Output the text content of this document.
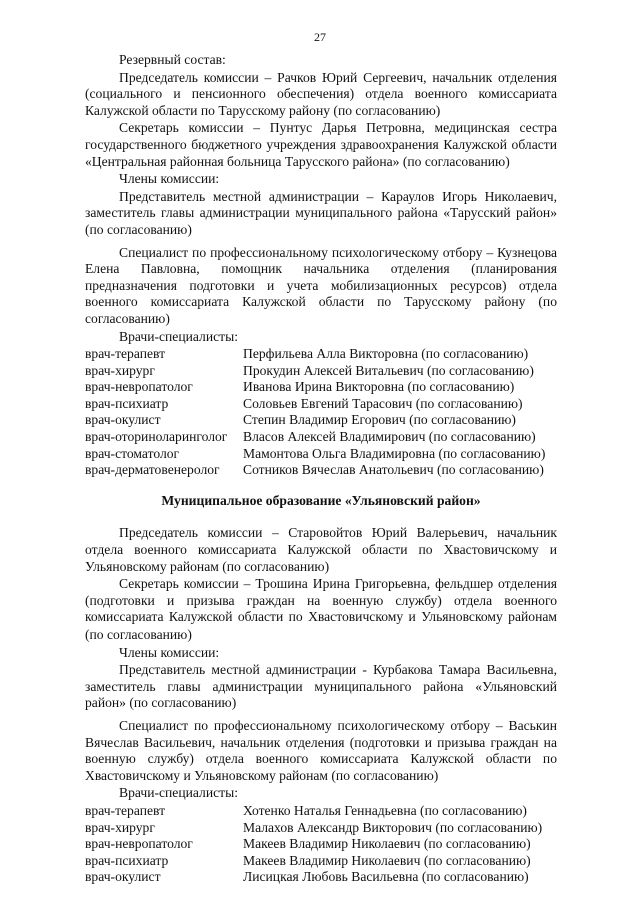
27

Резервный состав:

Председатель комиссии – Рачков Юрий Сергеевич, начальник отделения (социального и пенсионного обеспечения) отдела военного комиссариата Калужской области по Тарусскому району (по согласованию)

Секретарь комиссии – Пунтус Дарья Петровна, медицинская сестра государственного бюджетного учреждения здравоохранения Калужской области «Центральная районная больница Тарусского района» (по согласованию)

Члены комиссии:

Представитель местной администрации – Караулов Игорь Николаевич, заместитель главы администрации муниципального района «Тарусский район» (по согласованию)

Специалист по профессиональному психологическому отбору – Кузнецова Елена Павловна, помощник начальника отделения (планирования предназначения подготовки и учета мобилизационных ресурсов) отдела военного комиссариата Калужской области по Тарусскому району (по согласованию)

Врачи-специалисты:

врач-терапевт	Перфильева Алла Викторовна (по согласованию)
врач-хирург	Прокудин Алексей Витальевич (по согласованию)
врач-невропатолог	Иванова Ирина Викторовна (по согласованию)
врач-психиатр	Соловьев Евгений Тарасович (по согласованию)
врач-окулист	Степин Владимир Егорович (по согласованию)
врач-оториноларинголог	Власов Алексей Владимирович (по согласованию)
врач-стоматолог	Мамонтова Ольга Владимировна (по согласованию)
врач-дерматовенеролог	Сотников Вячеслав Анатольевич (по согласованию)

Муниципальное образование «Ульяновский район»

Председатель комиссии – Старовойтов Юрий Валерьевич, начальник отдела военного комиссариата Калужской области по Хвастовичскому и Ульяновскому районам (по согласованию)

Секретарь комиссии – Трошина Ирина Григорьевна, фельдшер отделения (подготовки и призыва граждан на военную службу) отдела военного комиссариата Калужской области по Хвастовичскому и Ульяновскому районам

(по согласованию)

Члены комиссии:

Представитель местной администрации - Курбакова Тамара Васильевна, заместитель главы администрации муниципального района «Ульяновский район» (по согласованию)

Специалист по профессиональному психологическому отбору – Васькин Вячеслав Васильевич, начальник отделения (подготовки и призыва граждан на военную службу) отдела военного комиссариата Калужской области по Хвастовичскому и Ульяновскому районам (по согласованию)

Врачи-специалисты:

врач-терапевт	Хотенко Наталья Геннадьевна (по согласованию)
врач-хирург	Малахов Александр Викторович (по согласованию)
врач-невропатолог	Макеев Владимир Николаевич (по согласованию)
врач-психиатр	Макеев Владимир Николаевич (по согласованию)
врач-окулист	Лисицкая Любовь Васильевна (по согласованию)
